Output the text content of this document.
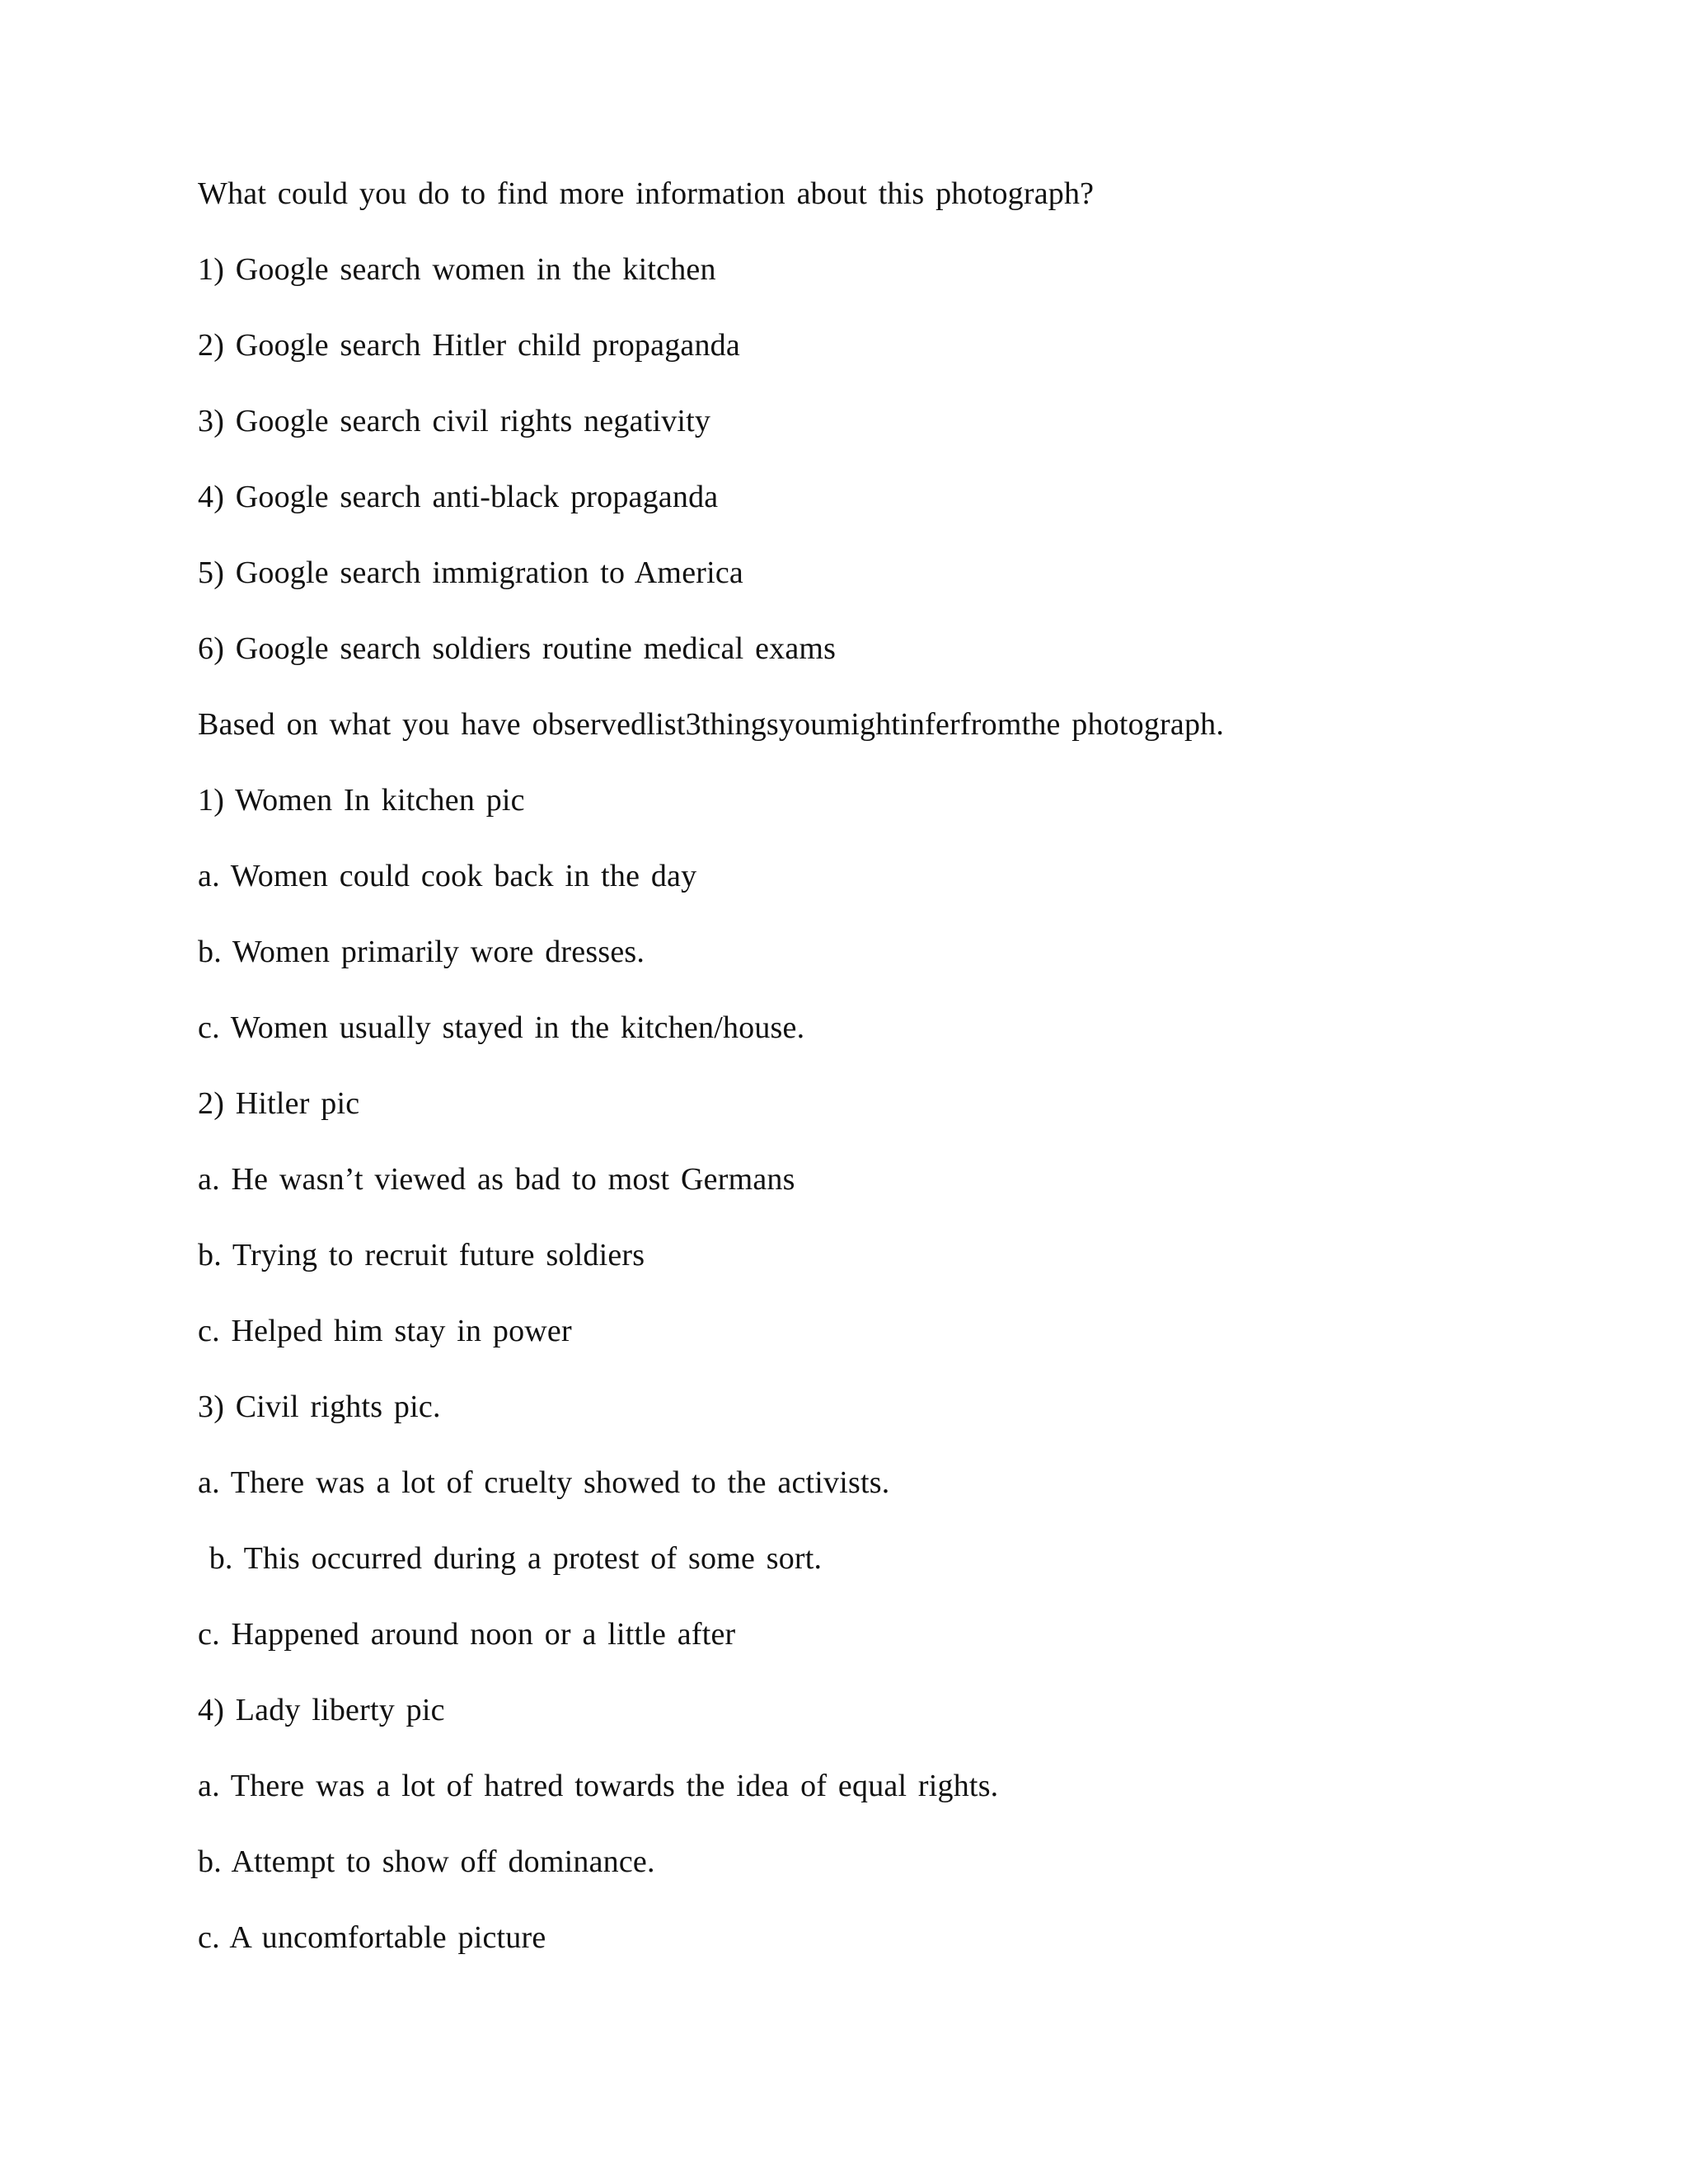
What could you do to find more information about this photograph?

1) Google search women in the kitchen

2) Google search Hitler child propaganda

3) Google search civil rights negativity

4) Google search anti-black propaganda

5) Google search immigration to America

6) Google search soldiers routine medical exams

Based on what you have observedlist3thingsyoumightinferfromthe photograph.

1) Women In kitchen pic

a. Women could cook back in the day

b. Women primarily wore dresses.

c. Women usually stayed in the kitchen/house.

2) Hitler pic

a. He wasn’t viewed as bad to most Germans

b. Trying to recruit future soldiers

c. Helped him stay in power

3) Civil rights pic.

a. There was a lot of cruelty showed to the activists.

b. This occurred during a protest of some sort.

c. Happened around noon or a little after

4) Lady liberty pic

a. There was a lot of hatred towards the idea of equal rights.

b. Attempt to show off dominance.

c. A uncomfortable picture
